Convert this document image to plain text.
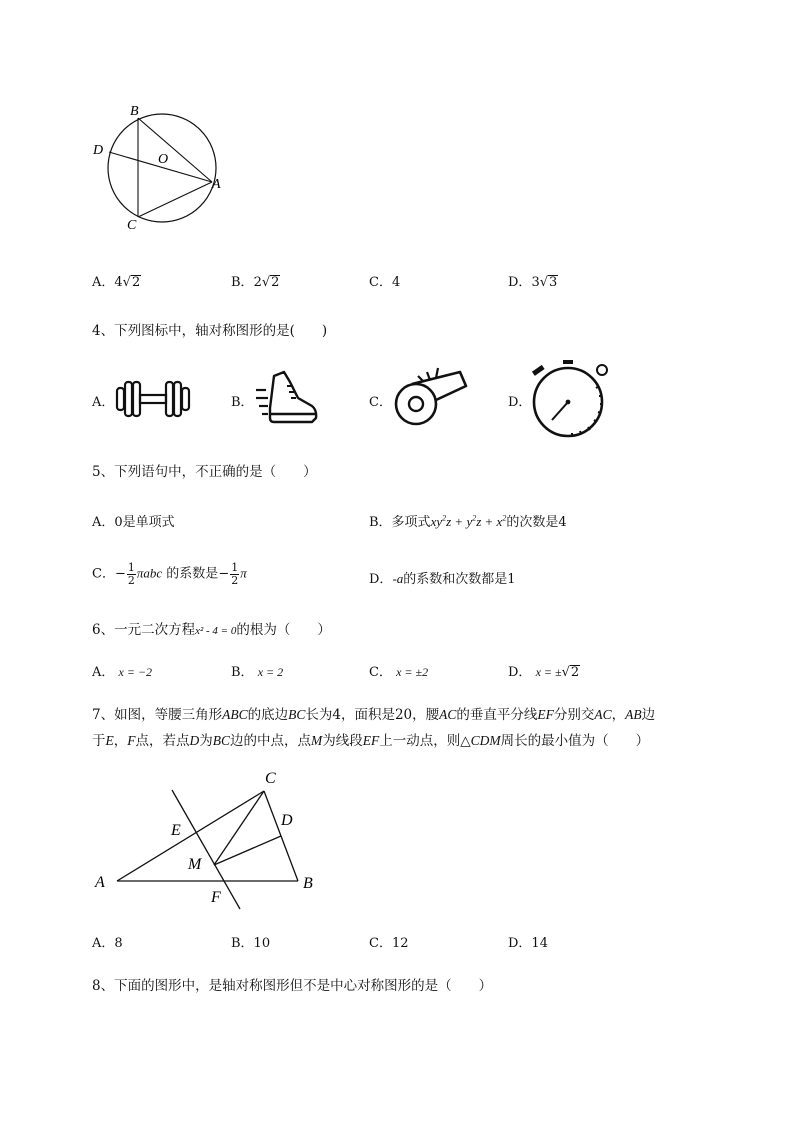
B
D
O
A
C
A．4√2	B．2√2	C．4	D．3√3
4、下列图标中，轴对称图形的是(　　)
A．	B．	C．	D．
5、下列语句中，不正确的是（　　）
A．0是单项式	B．多项式$xy^2z + y^2z + x^2$的次数是4
C．− $\frac{1}{2}$ πabc 的系数是− $\frac{1}{2}$ π	D．-a的系数和次数都是1
6、一元二次方程x² - 4 = 0的根为（　　）
A． x = −2	B． x = 2	C． x = ±2	D． x = ±√2
7、如图，等腰三角形ABC的底边BC长为4，面积是20，腰AC的垂直平分线EF分别交AC，AB边
于E，F点，若点D为BC边的中点，点M为线段EF上一动点，则△CDM周长的最小值为（　　）
C
D
E
M
A	B
F
A．8	B．10	C．12	D．14
8、下面的图形中，是轴对称图形但不是中心对称图形的是（　　）
